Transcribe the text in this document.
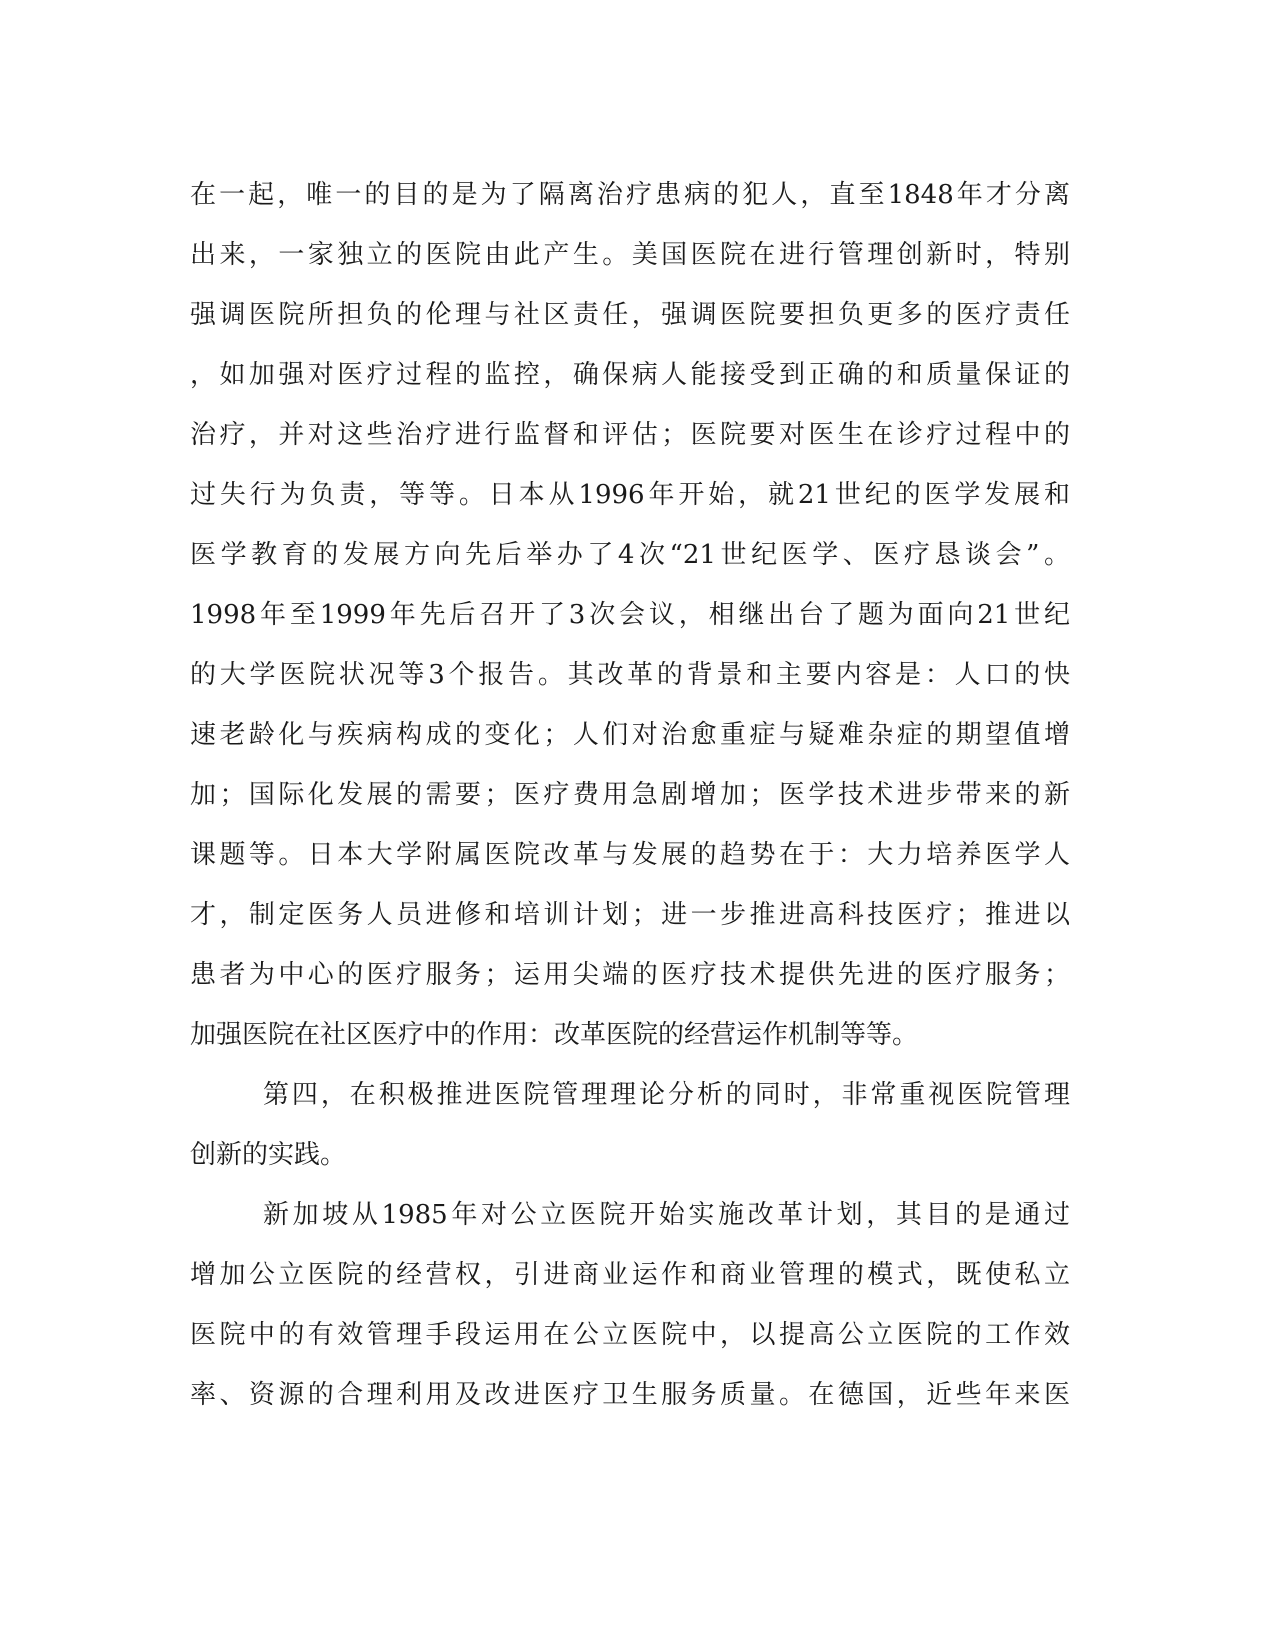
在一起，唯一的目的是为了隔离治疗患病的犯人，直至1848年才分离
出来，一家独立的医院由此产生。美国医院在进行管理创新时，特别
强调医院所担负的伦理与社区责任，强调医院要担负更多的医疗责任
，如加强对医疗过程的监控，确保病人能接受到正确的和质量保证的
治疗，并对这些治疗进行监督和评估；医院要对医生在诊疗过程中的
过失行为负责，等等。日本从1996年开始，就21世纪的医学发展和
医学教育的发展方向先后举办了4次“21世纪医学、医疗恳谈会”。
1998年至1999年先后召开了3次会议，相继出台了题为面向21世纪
的大学医院状况等3个报告。其改革的背景和主要内容是：人口的快
速老龄化与疾病构成的变化；人们对治愈重症与疑难杂症的期望值增
加；国际化发展的需要；医疗费用急剧增加；医学技术进步带来的新
课题等。日本大学附属医院改革与发展的趋势在于：大力培养医学人
才，制定医务人员进修和培训计划；进一步推进高科技医疗；推进以
患者为中心的医疗服务；运用尖端的医疗技术提供先进的医疗服务；
加强医院在社区医疗中的作用：改革医院的经营运作机制等等。
第四，在积极推进医院管理理论分析的同时，非常重视医院管理
创新的实践。
新加坡从1985年对公立医院开始实施改革计划，其目的是通过
增加公立医院的经营权，引进商业运作和商业管理的模式，既使私立
医院中的有效管理手段运用在公立医院中，以提高公立医院的工作效
率、资源的合理利用及改进医疗卫生服务质量。在德国，近些年来医
